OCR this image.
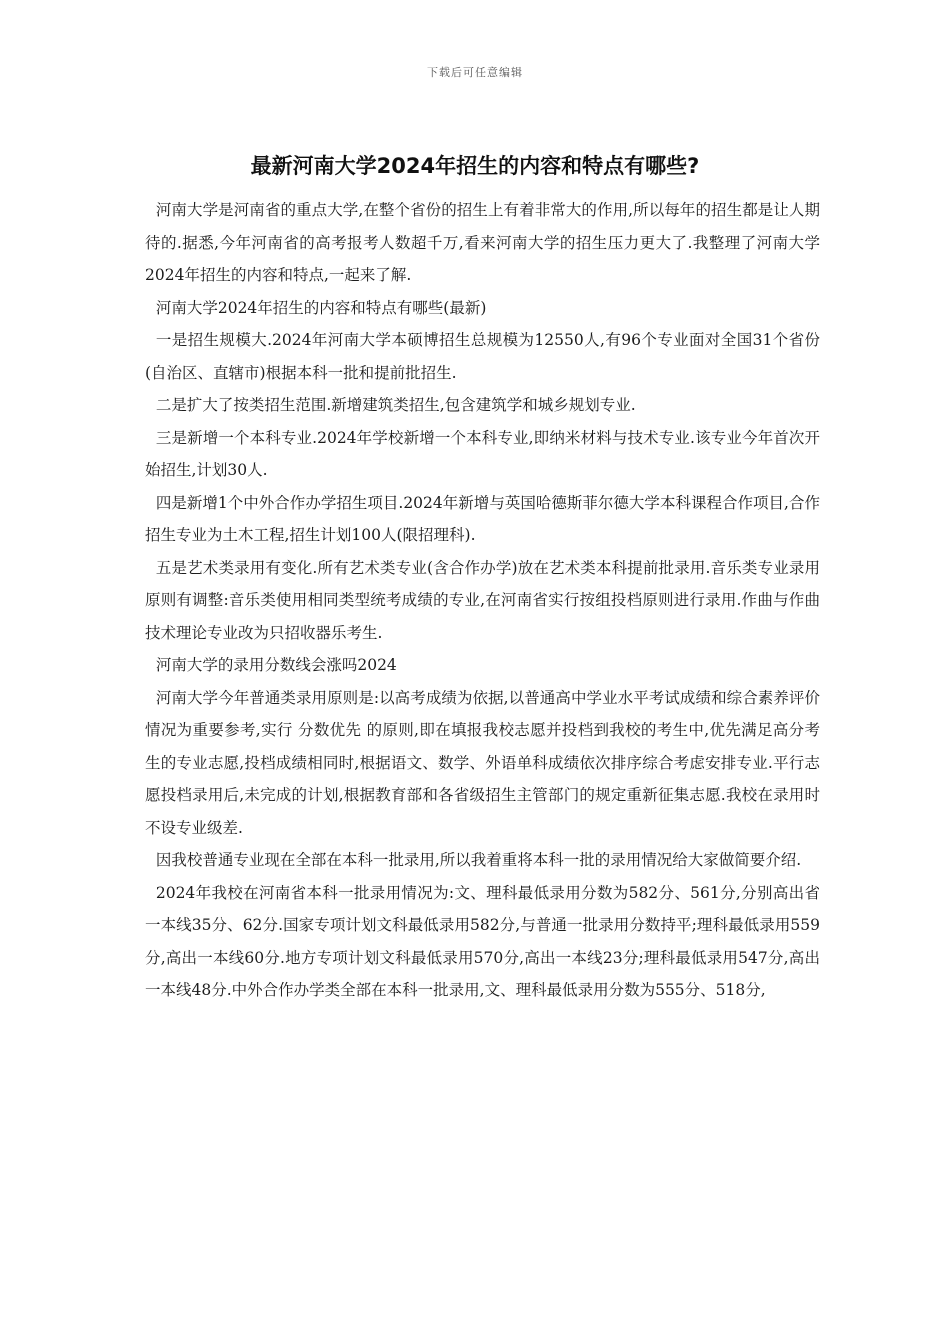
下载后可任意编辑
最新河南大学2024年招生的内容和特点有哪些?

河南大学是河南省的重点大学,在整个省份的招生上有着非常大的作用,所以每年的招生都是让人期待的.据悉,今年河南省的高考报考人数超千万,看来河南大学的招生压力更大了.我整理了河南大学2024年招生的内容和特点,一起来了解.

河南大学2024年招生的内容和特点有哪些(最新)

一是招生规模大.2024年河南大学本硕博招生总规模为12550人,有96个专业面对全国31个省份(自治区、直辖市)根据本科一批和提前批招生.

二是扩大了按类招生范围.新增建筑类招生,包含建筑学和城乡规划专业.

三是新增一个本科专业.2024年学校新增一个本科专业,即纳米材料与技术专业.该专业今年首次开始招生,计划30人.

四是新增1个中外合作办学招生项目.2024年新增与英国哈德斯菲尔德大学本科课程合作项目,合作招生专业为土木工程,招生计划100人(限招理科).

五是艺术类录用有变化.所有艺术类专业(含合作办学)放在艺术类本科提前批录用.音乐类专业录用原则有调整:音乐类使用相同类型统考成绩的专业,在河南省实行按组投档原则进行录用.作曲与作曲技术理论专业改为只招收器乐考生.

河南大学的录用分数线会涨吗2024

河南大学今年普通类录用原则是:以高考成绩为依据,以普通高中学业水平考试成绩和综合素养评价情况为重要参考,实行 分数优先 的原则,即在填报我校志愿并投档到我校的考生中,优先满足高分考生的专业志愿,投档成绩相同时,根据语文、数学、外语单科成绩依次排序综合考虑安排专业.平行志愿投档录用后,未完成的计划,根据教育部和各省级招生主管部门的规定重新征集志愿.我校在录用时不设专业级差.

因我校普通专业现在全部在本科一批录用,所以我着重将本科一批的录用情况给大家做简要介绍.

2024年我校在河南省本科一批录用情况为:文、理科最低录用分数为582分、561分,分别高出省一本线35分、62分.国家专项计划文科最低录用582分,与普通一批录用分数持平;理科最低录用559分,高出一本线60分.地方专项计划文科最低录用570分,高出一本线23分;理科最低录用547分,高出一本线48分.中外合作办学类全部在本科一批录用,文、理科最低录用分数为555分、518分,
